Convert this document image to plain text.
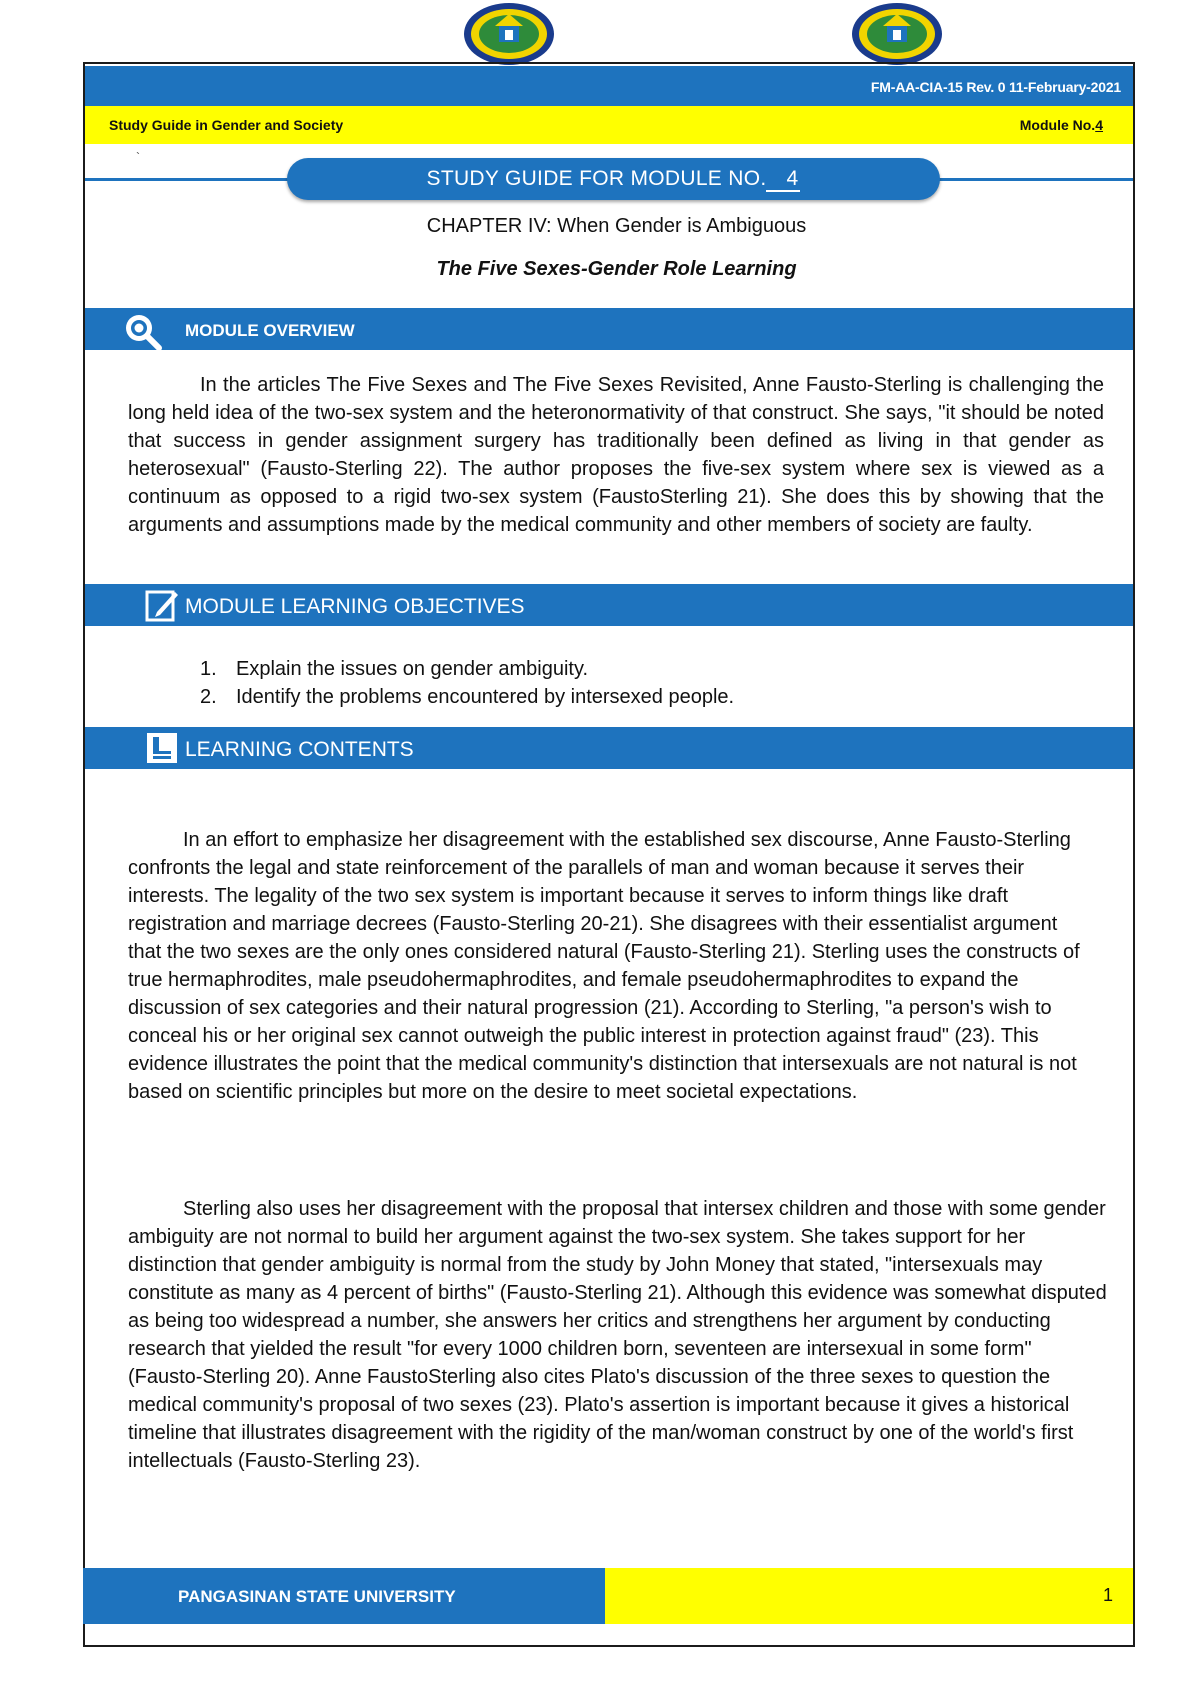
FM-AA-CIA-15 Rev. 0 11-February-2021
Study Guide in Gender and Society	Module No.4
`
STUDY GUIDE FOR MODULE NO. 4
CHAPTER IV: When Gender is Ambiguous
The Five Sexes-Gender Role Learning
MODULE OVERVIEW

In the articles The Five Sexes and The Five Sexes Revisited, Anne Fausto-Sterling is challenging the long held idea of the two-sex system and the heteronormativity of that construct. She says, "it should be noted that success in gender assignment surgery has traditionally been defined as living in that gender as heterosexual" (Fausto-Sterling 22). The author proposes the five-sex system where sex is viewed as a continuum as opposed to a rigid two-sex system (FaustoSterling 21). She does this by showing that the arguments and assumptions made by the medical community and other members of society are faulty.

MODULE LEARNING OBJECTIVES
1. Explain the issues on gender ambiguity.
2. Identify the problems encountered by intersexed people.
LEARNING CONTENTS

In an effort to emphasize her disagreement with the established sex discourse, Anne Fausto-Sterling confronts the legal and state reinforcement of the parallels of man and woman because it serves their interests. The legality of the two sex system is important because it serves to inform things like draft registration and marriage decrees (Fausto-Sterling 20-21). She disagrees with their essentialist argument that the two sexes are the only ones considered natural (Fausto-Sterling 21). Sterling uses the constructs of true hermaphrodites, male pseudohermaphrodites, and female pseudohermaphrodites to expand the discussion of sex categories and their natural progression (21). According to Sterling, "a person's wish to conceal his or her original sex cannot outweigh the public interest in protection against fraud" (23). This evidence illustrates the point that the medical community's distinction that intersexuals are not natural is not based on scientific principles but more on the desire to meet societal expectations.

Sterling also uses her disagreement with the proposal that intersex children and those with some gender ambiguity are not normal to build her argument against the two-sex system. She takes support for her distinction that gender ambiguity is normal from the study by John Money that stated, "intersexuals may constitute as many as 4 percent of births" (Fausto-Sterling 21). Although this evidence was somewhat disputed as being too widespread a number, she answers her critics and strengthens her argument by conducting research that yielded the result "for every 1000 children born, seventeen are intersexual in some form" (Fausto-Sterling 20). Anne FaustoSterling also cites Plato's discussion of the three sexes to question the medical community's proposal of two sexes (23). Plato's assertion is important because it gives a historical timeline that illustrates disagreement with the rigidity of the man/woman construct by one of the world's first intellectuals (Fausto-Sterling 23).

PANGASINAN STATE UNIVERSITY	1
